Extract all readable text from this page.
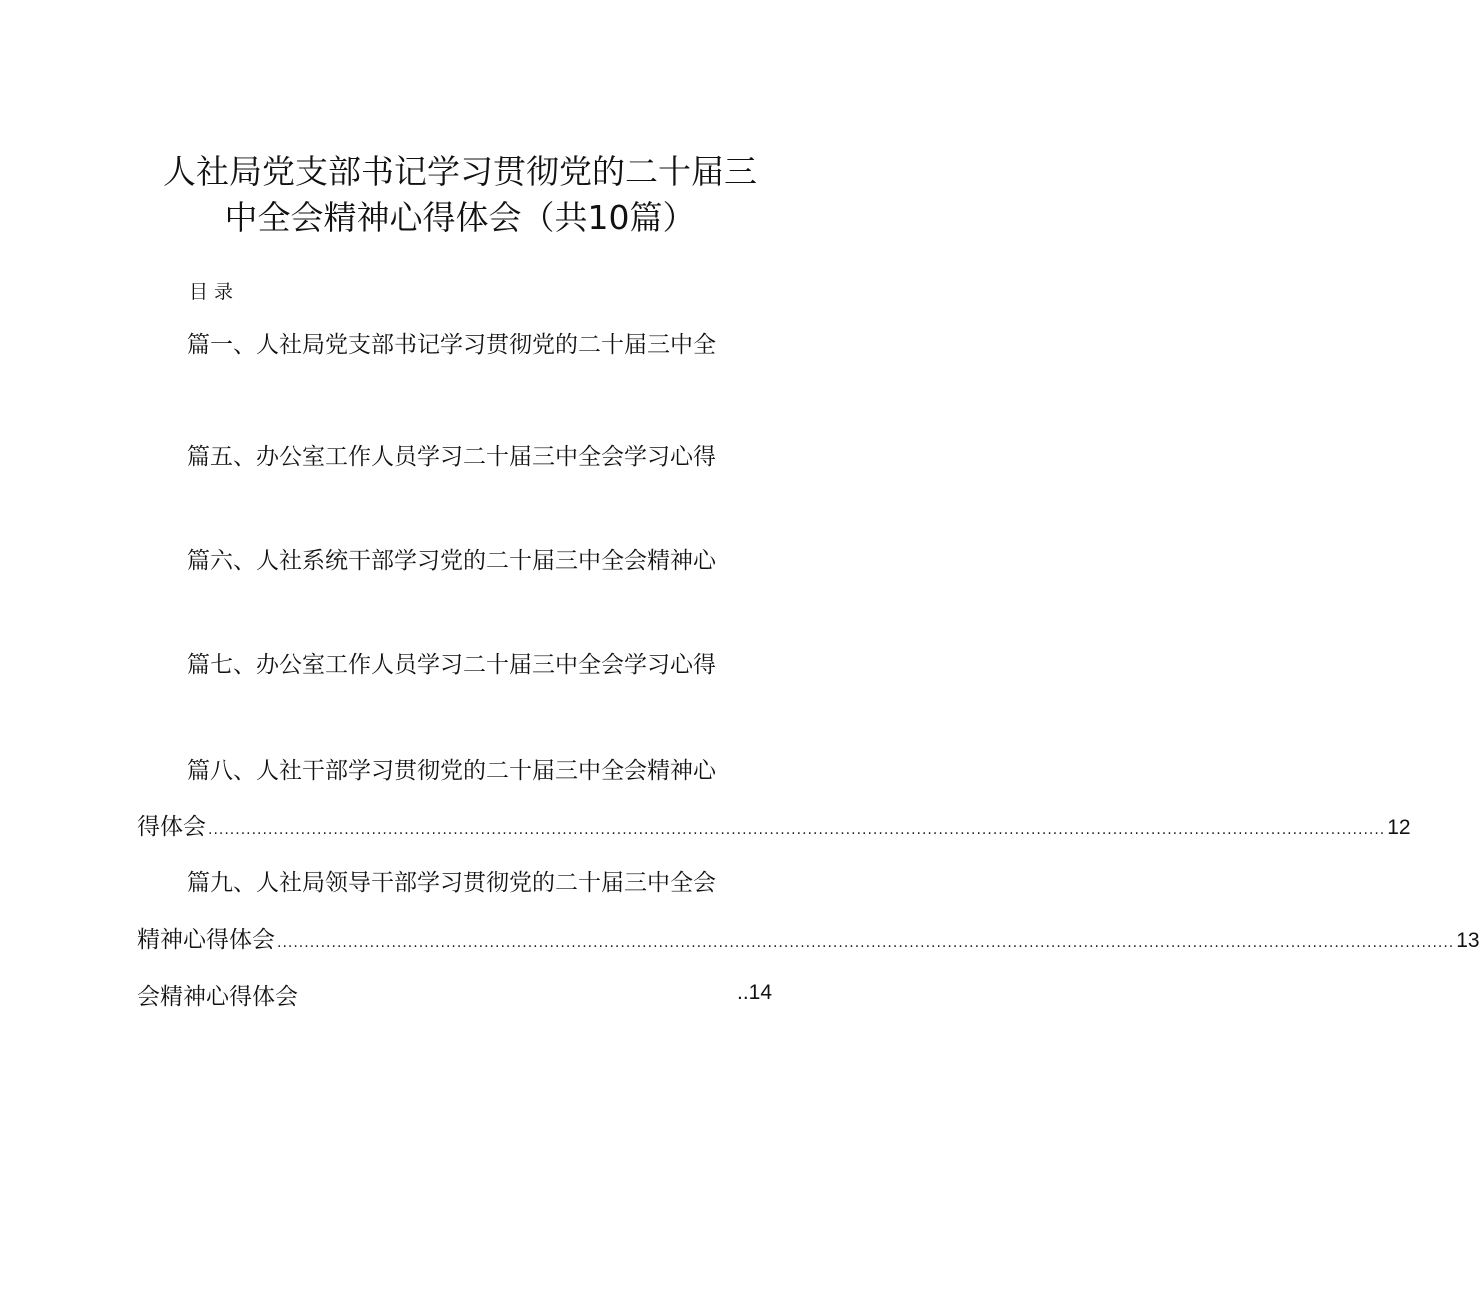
人社局党支部书记学习贯彻党的二十届三
中全会精神心得体会（共10篇）
目录
篇一、人社局党支部书记学习贯彻党的二十届三中全
篇五、办公室工作人员学习二十届三中全会学习心得
篇六、人社系统干部学习党的二十届三中全会精神心
篇七、办公室工作人员学习二十届三中全会学习心得
篇八、人社干部学习贯彻党的二十届三中全会精神心
得体会 ........................................................................................................................................................................................................................ 12
篇九、人社局领导干部学习贯彻党的二十届三中全会
精神心得体会 ........................................................................................................................................................................................................................ 13
会精神心得体会	..14
